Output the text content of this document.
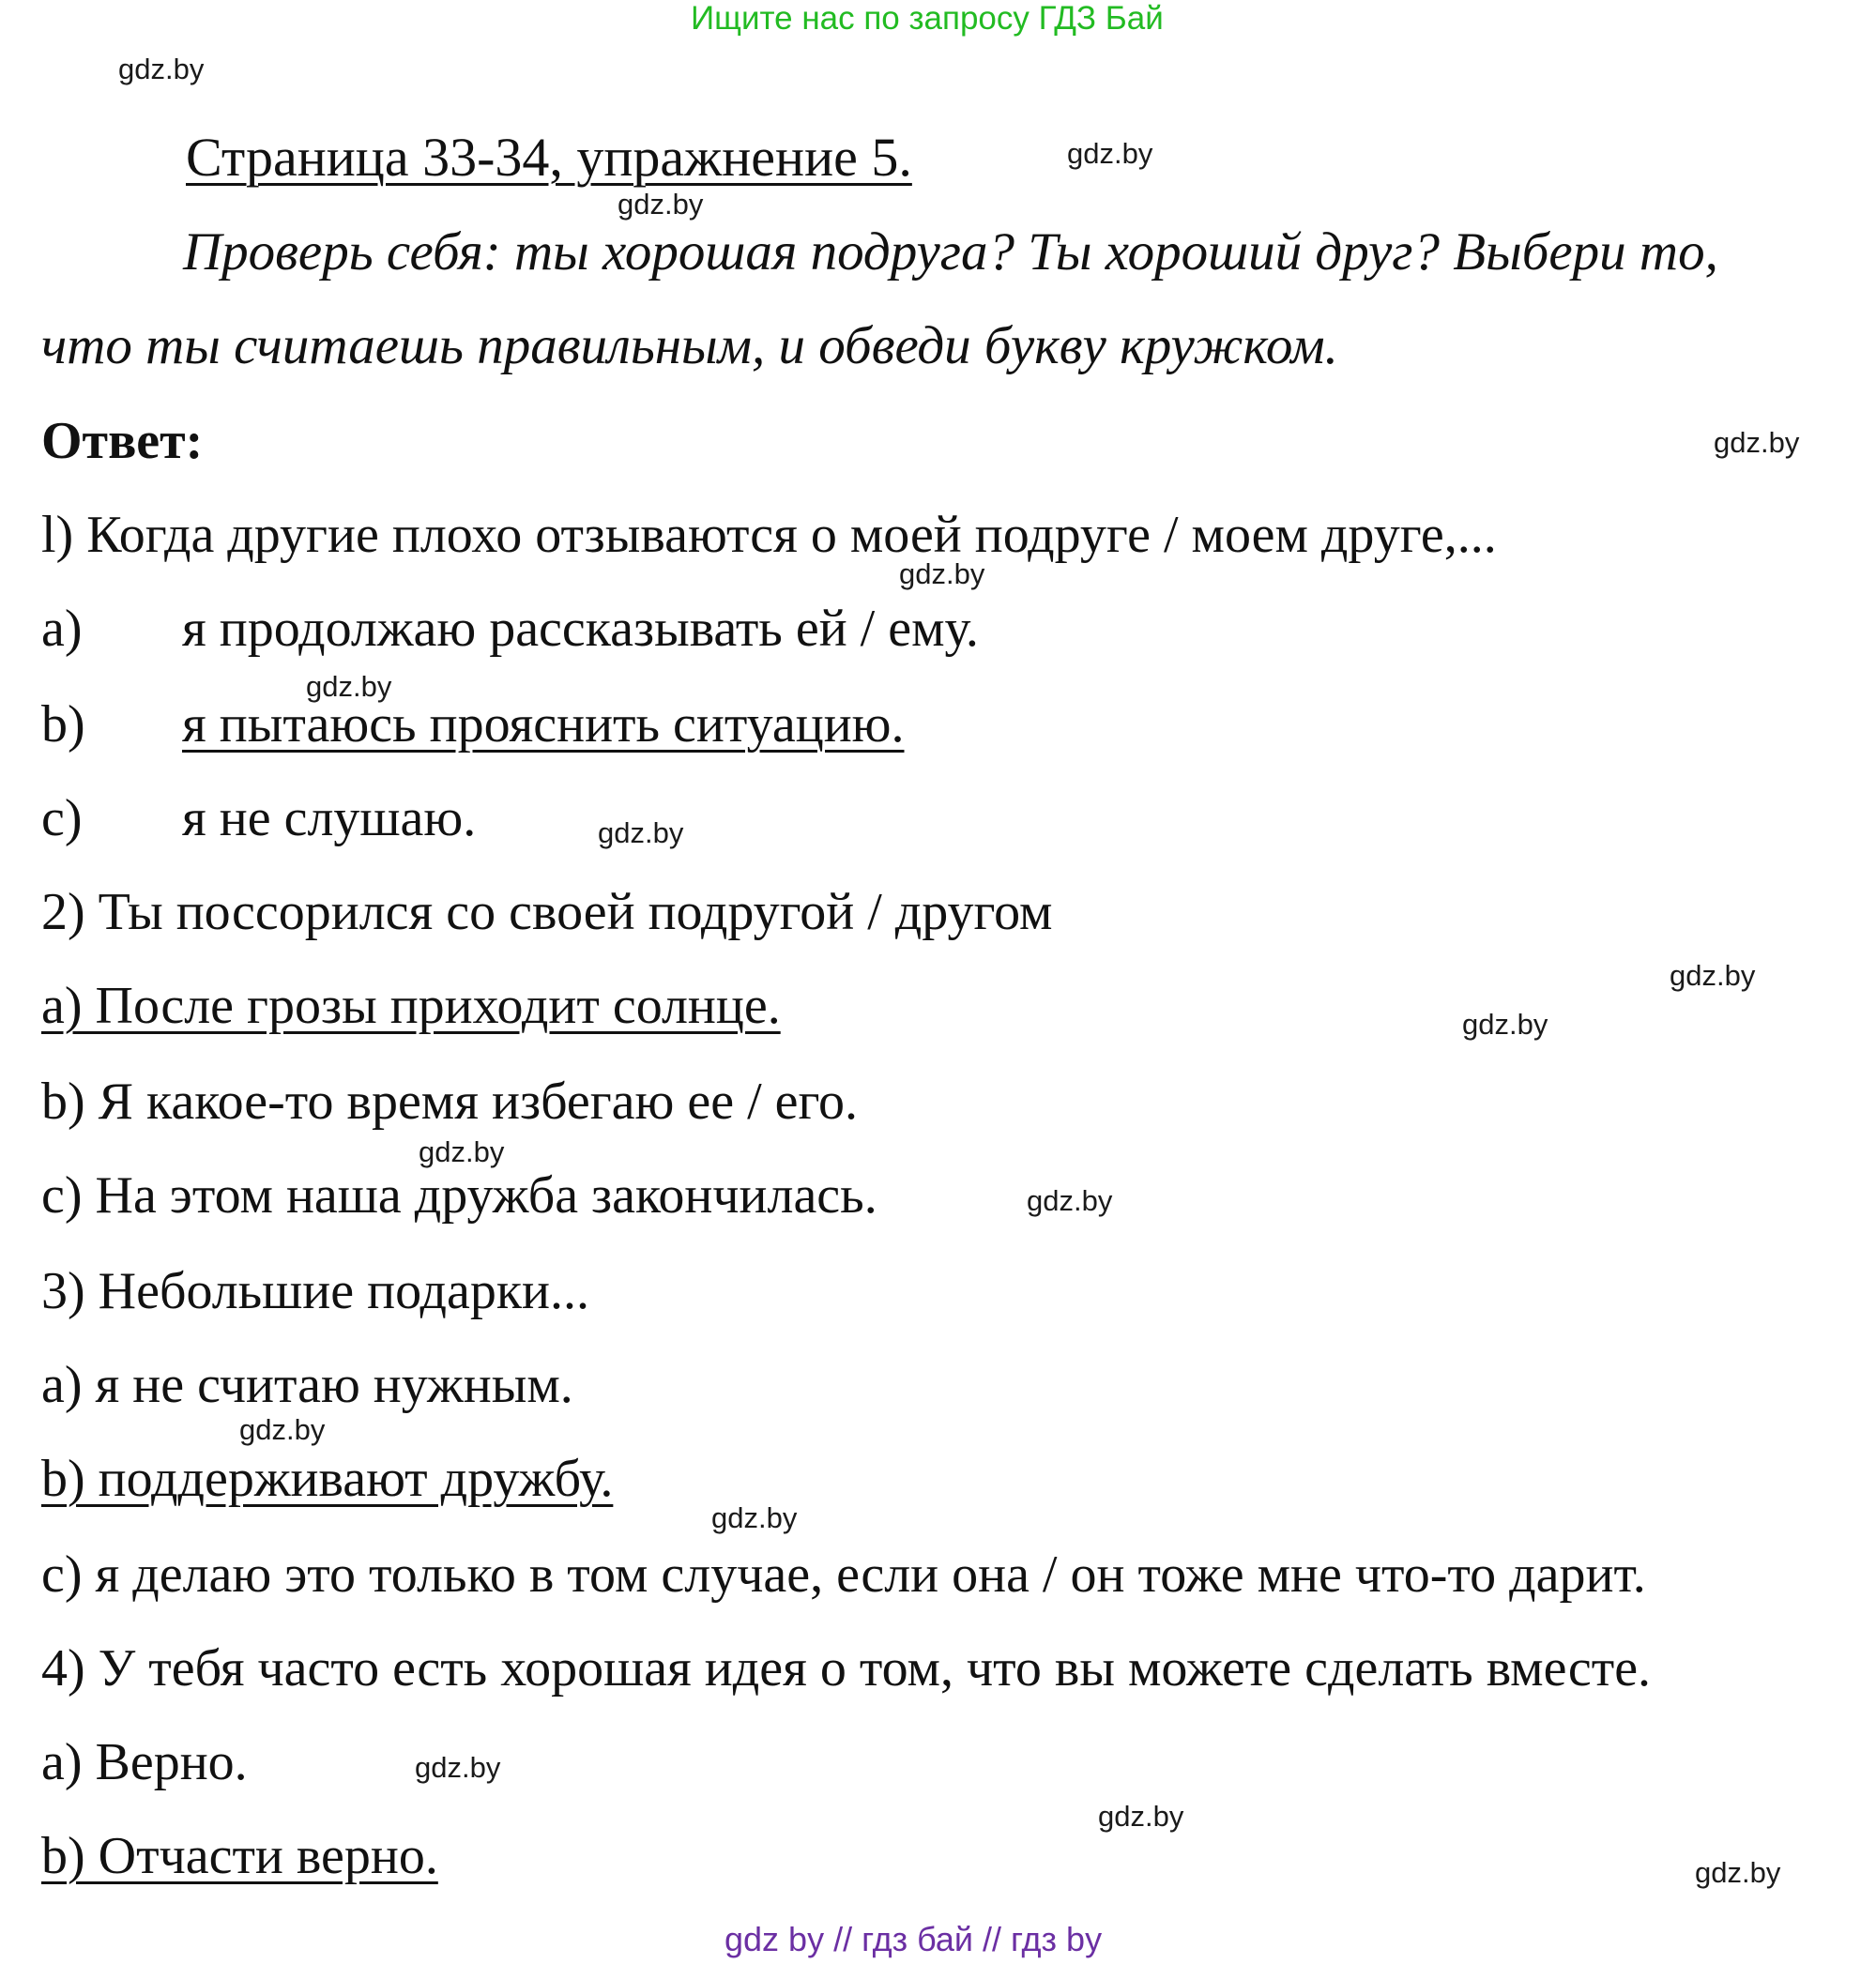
Ищите нас по запросу ГДЗ Бай
Страница 33-34, упражнение 5.
Проверь себя: ты хорошая подруга? Ты хороший друг? Выбери то,
что ты считаешь правильным, и обведи букву кружком.
Ответ:
l) Когда другие плохо отзываются о моей подруге / моем друге,...
a) я продолжаю рассказывать ей / ему.
b) я пытаюсь прояснить ситуацию.
c) я не слушаю.
2) Ты поссорился со своей подругой / другом
a) После грозы приходит солнце.
b) Я какое-то время избегаю ее / его.
c) На этом наша дружба закончилась.
3) Небольшие подарки...
a) я не считаю нужным.
b) поддерживают дружбу.
c) я делаю это только в том случае, если она / он тоже мне что-то дарит.
4) У тебя часто есть хорошая идея о том, что вы можете сделать вместе.
a) Верно.
b) Отчасти верно.
gdz.by
gdz.by
gdz.by
gdz.by
gdz.by
gdz.by
gdz.by
gdz.by
gdz.by
gdz.by
gdz.by
gdz.by
gdz.by
gdz.by
gdz.by
gdz.by
gdz by // гдз бай // гдз by
